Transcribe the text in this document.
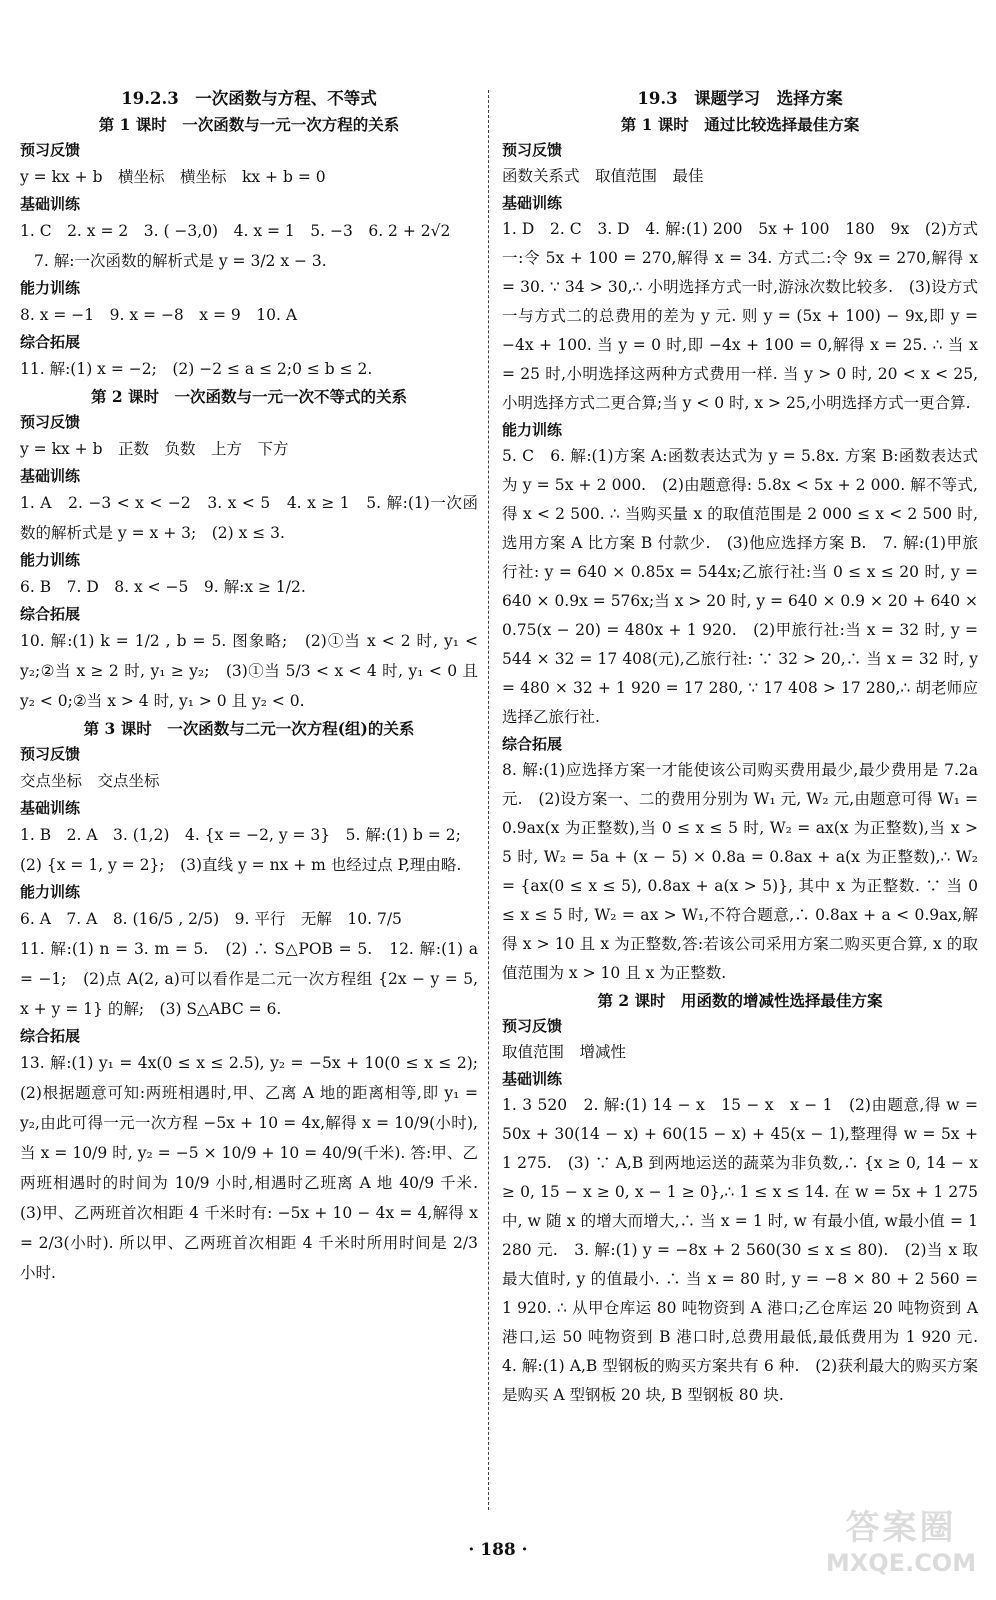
19.2.3　一次函数与方程、不等式
第 1 课时　一次函数与一元一次方程的关系
预习反馈

y = kx + b　横坐标　横坐标　kx + b = 0

基础训练

1. C　2. x = 2　3. ( −3,0)　4. x = 1　5. −3　6. 2 + 2√2

7. 解:一次函数的解析式是 y = 3/2 x − 3.

能力训练

8. x = −1　9. x = −8　x = 9　10. A

综合拓展

11. 解:(1) x = −2;　(2) −2 ≤ a ≤ 2;0 ≤ b ≤ 2.

第 2 课时　一次函数与一元一次不等式的关系
预习反馈

y = kx + b　正数　负数　上方　下方

基础训练

1. A　2. −3 < x < −2　3. x < 5　4. x ≥ 1　5. 解:(1)一次函数的解析式是 y = x + 3;　(2) x ≤ 3.

能力训练

6. B　7. D　8. x < −5　9. 解:x ≥ 1/2.

综合拓展

10. 解:(1) k = 1/2 , b = 5. 图象略;　(2)①当 x < 2 时, y₁ < y₂;②当 x ≥ 2 时, y₁ ≥ y₂;　(3)①当 5/3 < x < 4 时, y₁ < 0 且 y₂ < 0;②当 x > 4 时, y₁ > 0 且 y₂ < 0.

第 3 课时　一次函数与二元一次方程(组)的关系
预习反馈

交点坐标　交点坐标

基础训练

1. B　2. A　3. (1,2)　4. {x = −2, y = 3}　5. 解:(1) b = 2;

(2) {x = 1, y = 2};　(3)直线 y = nx + m 也经过点 P,理由略.

能力训练

6. A　7. A　8. (16/5 , 2/5)　9. 平行　无解　10. 7/5

11. 解:(1) n = 3. m = 5.　(2) ∴ S△POB = 5.　12. 解:(1) a = −1;　(2)点 A(2, a)可以看作是二元一次方程组 {2x − y = 5, x + y = 1} 的解;　(3) S△ABC = 6.

综合拓展

13. 解:(1) y₁ = 4x(0 ≤ x ≤ 2.5), y₂ = −5x + 10(0 ≤ x ≤ 2);　(2)根据题意可知:两班相遇时,甲、乙离 A 地的距离相等,即 y₁ = y₂,由此可得一元一次方程 −5x + 10 = 4x,解得 x = 10/9(小时),当 x = 10/9 时, y₂ = −5 × 10/9 + 10 = 40/9(千米). 答:甲、乙两班相遇时的时间为 10/9 小时,相遇时乙班离 A 地 40/9 千米.　(3)甲、乙两班首次相距 4 千米时有: −5x + 10 − 4x = 4,解得 x = 2/3(小时). 所以甲、乙两班首次相距 4 千米时所用时间是 2/3 小时.

19.3　课题学习　选择方案
第 1 课时　通过比较选择最佳方案
预习反馈

函数关系式　取值范围　最佳

基础训练

1. D　2. C　3. D　4. 解:(1) 200　5x + 100　180　9x　(2)方式一:令 5x + 100 = 270,解得 x = 34. 方式二:令 9x = 270,解得 x = 30. ∵ 34 > 30,∴ 小明选择方式一时,游泳次数比较多.　(3)设方式一与方式二的总费用的差为 y 元. 则 y = (5x + 100) − 9x,即 y = −4x + 100. 当 y = 0 时,即 −4x + 100 = 0,解得 x = 25. ∴ 当 x = 25 时,小明选择这两种方式费用一样. 当 y > 0 时, 20 < x < 25,小明选择方式二更合算;当 y < 0 时, x > 25,小明选择方式一更合算.

能力训练

5. C　6. 解:(1)方案 A:函数表达式为 y = 5.8x. 方案 B:函数表达式为 y = 5x + 2 000.　(2)由题意得: 5.8x < 5x + 2 000. 解不等式,得 x < 2 500. ∴ 当购买量 x 的取值范围是 2 000 ≤ x < 2 500 时,选用方案 A 比方案 B 付款少.　(3)他应选择方案 B.　7. 解:(1)甲旅行社: y = 640 × 0.85x = 544x;乙旅行社:当 0 ≤ x ≤ 20 时, y = 640 × 0.9x = 576x;当 x > 20 时, y = 640 × 0.9 × 20 + 640 × 0.75(x − 20) = 480x + 1 920.　(2)甲旅行社:当 x = 32 时, y = 544 × 32 = 17 408(元),乙旅行社: ∵ 32 > 20,∴ 当 x = 32 时, y = 480 × 32 + 1 920 = 17 280, ∵ 17 408 > 17 280,∴ 胡老师应选择乙旅行社.

综合拓展

8. 解:(1)应选择方案一才能使该公司购买费用最少,最少费用是 7.2a 元.　(2)设方案一、二的费用分别为 W₁ 元, W₂ 元,由题意可得 W₁ = 0.9ax(x 为正整数),当 0 ≤ x ≤ 5 时, W₂ = ax(x 为正整数),当 x > 5 时, W₂ = 5a + (x − 5) × 0.8a = 0.8ax + a(x 为正整数),∴ W₂ = {ax(0 ≤ x ≤ 5), 0.8ax + a(x > 5)}, 其中 x 为正整数. ∵ 当 0 ≤ x ≤ 5 时, W₂ = ax > W₁,不符合题意,∴ 0.8ax + a < 0.9ax,解得 x > 10 且 x 为正整数,答:若该公司采用方案二购买更合算, x 的取值范围为 x > 10 且 x 为正整数.

第 2 课时　用函数的增减性选择最佳方案
预习反馈

取值范围　增减性

基础训练

1. 3 520　2. 解:(1) 14 − x　15 − x　x − 1　(2)由题意,得 w = 50x + 30(14 − x) + 60(15 − x) + 45(x − 1),整理得 w = 5x + 1 275.　(3) ∵ A,B 到两地运送的蔬菜为非负数,∴ {x ≥ 0, 14 − x ≥ 0, 15 − x ≥ 0, x − 1 ≥ 0},∴ 1 ≤ x ≤ 14. 在 w = 5x + 1 275 中, w 随 x 的增大而增大,∴ 当 x = 1 时, w 有最小值, w最小值 = 1 280 元.　3. 解:(1) y = −8x + 2 560(30 ≤ x ≤ 80).　(2)当 x 取最大值时, y 的值最小. ∴ 当 x = 80 时, y = −8 × 80 + 2 560 = 1 920. ∴ 从甲仓库运 80 吨物资到 A 港口;乙仓库运 20 吨物资到 A 港口,运 50 吨物资到 B 港口时,总费用最低,最低费用为 1 920 元.　4. 解:(1) A,B 型钢板的购买方案共有 6 种.　(2)获利最大的购买方案是购买 A 型钢板 20 块, B 型钢板 80 块.

· 188 ·
答案圈
MXQE.COM
